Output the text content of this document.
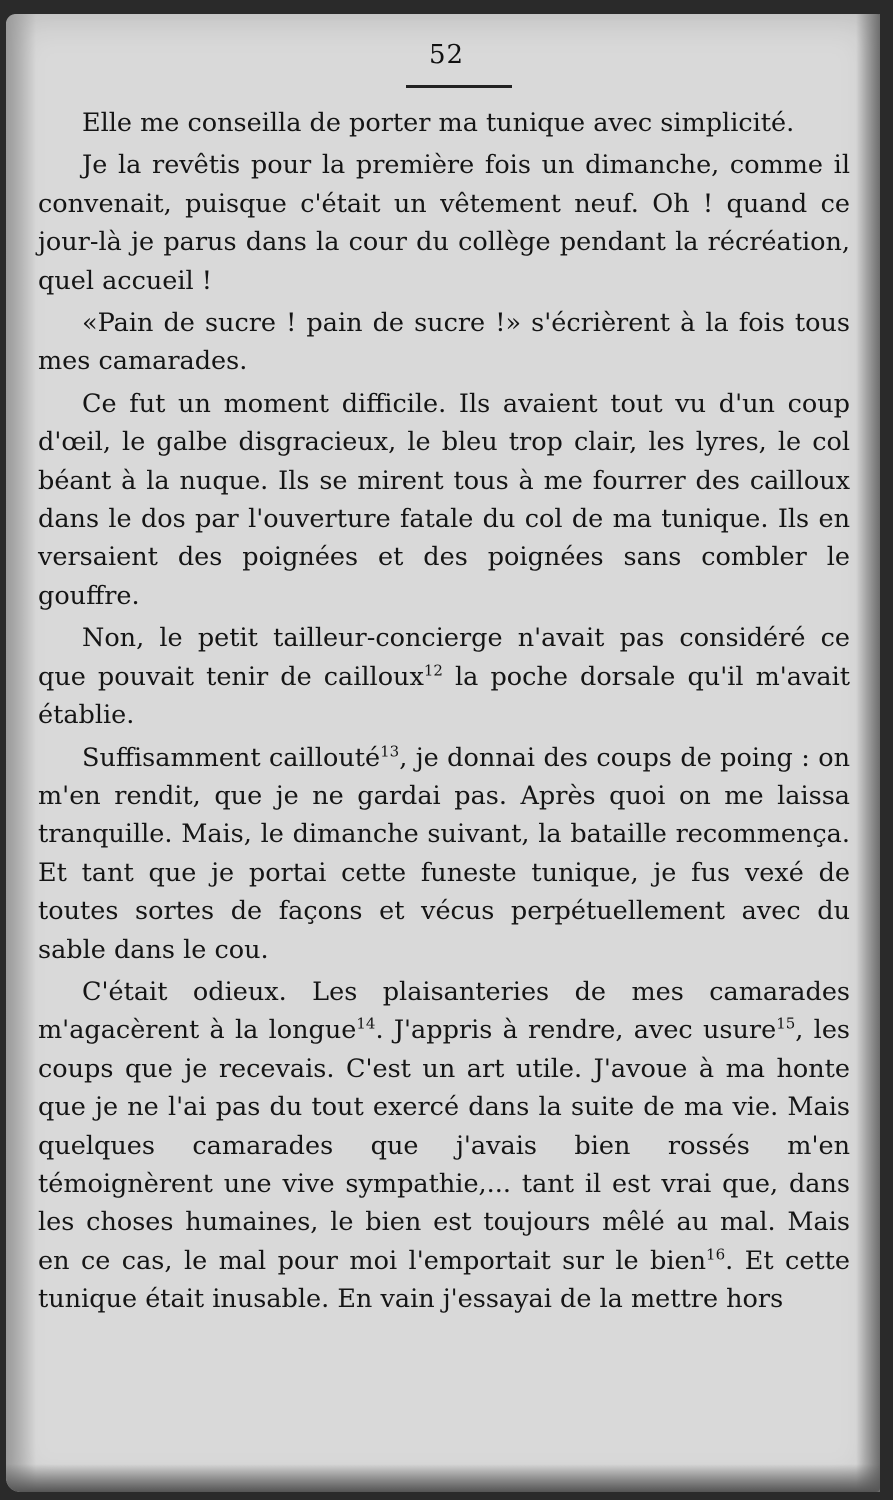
52

Elle me conseilla de porter ma tunique avec simplicité.

Je la revêtis pour la première fois un dimanche, comme il convenait, puisque c'était un vêtement neuf. Oh ! quand ce jour-là je parus dans la cour du collège pendant la récréation, quel accueil !

«Pain de sucre ! pain de sucre !» s'écrièrent à la fois tous mes camarades.

Ce fut un moment difficile. Ils avaient tout vu d'un coup d'œil, le galbe disgracieux, le bleu trop clair, les lyres, le col béant à la nuque. Ils se mirent tous à me fourrer des cailloux dans le dos par l'ouverture fatale du col de ma tunique. Ils en versaient des poignées et des poignées sans combler le gouffre.

Non, le petit tailleur-concierge n'avait pas considéré ce que pouvait tenir de cailloux$^{12}$ la poche dorsale qu'il m'avait établie.

Suffisamment caillouté$^{13}$, je donnai des coups de poing : on m'en rendit, que je ne gardai pas. Après quoi on me laissa tranquille. Mais, le dimanche suivant, la bataille recommença. Et tant que je portai cette funeste tunique, je fus vexé de toutes sortes de façons et vécus perpétuellement avec du sable dans le cou.

C'était odieux. Les plaisanteries de mes camarades m'agacèrent à la longue$^{14}$. J'appris à rendre, avec usure$^{15}$, les coups que je recevais. C'est un art utile. J'avoue à ma honte que je ne l'ai pas du tout exercé dans la suite de ma vie. Mais quelques camarades que j'avais bien rossés m'en témoignèrent une vive sympathie,... tant il est vrai que, dans les choses humaines, le bien est toujours mêlé au mal. Mais en ce cas, le mal pour moi l'emportait sur le bien$^{16}$. Et cette tunique était inusable. En vain j'essayai de la mettre hors
